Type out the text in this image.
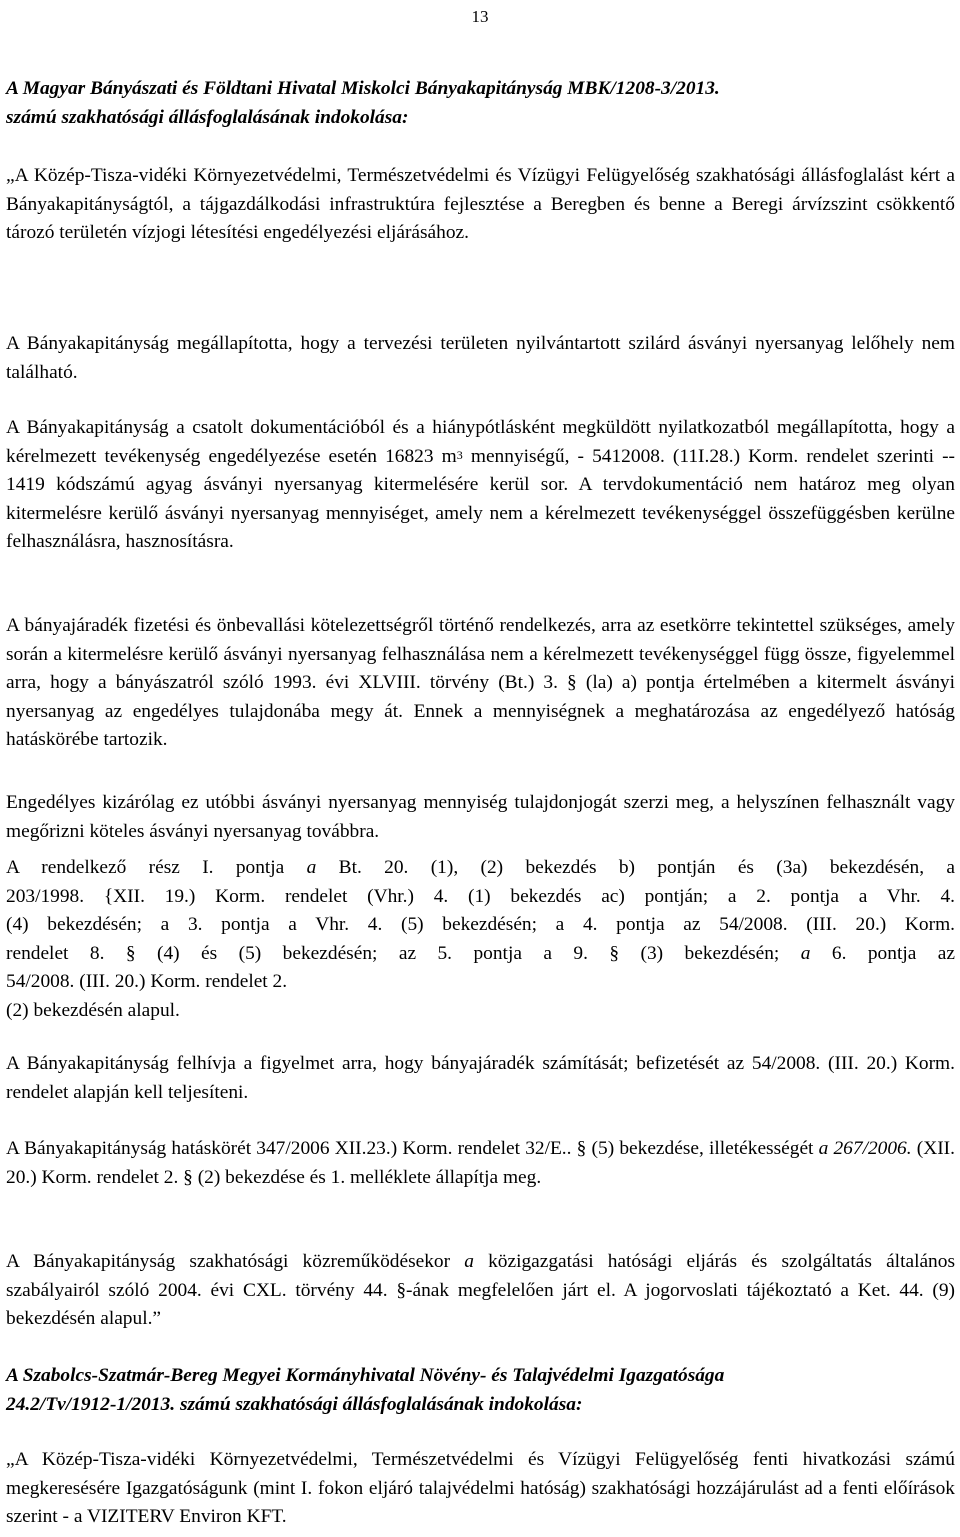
13
A Magyar Bányászati és Földtani Hivatal Miskolci Bányakapitányság MBK/1208-3/2013.
számú szakhatósági állásfoglalásának indokolása:

„A Közép-Tisza-vidéki Környezetvédelmi, Természetvédelmi és Vízügyi Felügyelőség szakhatósági állásfoglalást kért a Bányakapitányságtól, a tájgazdálkodási infrastruktúra fejlesztése a Beregben és benne a Beregi árvízszint csökkentő tározó területén vízjogi létesítési engedélyezési eljárásához.

A Bányakapitányság megállapította, hogy a tervezési területen nyilvántartott szilárd ásványi nyersanyag lelőhely nem található.

A Bányakapitányság a csatolt dokumentációból és a hiánypótlásként megküldött nyilatkozatból megállapította, hogy a kérelmezett tevékenység engedélyezése esetén 16823 $m^3$ mennyiségű, - 5412008. (11I.28.) Korm. rendelet szerinti -- 1419 kódszámú agyag ásványi nyersanyag kitermelésére kerül sor. A tervdokumentáció nem határoz meg olyan kitermelésre kerülő ásványi nyersanyag mennyiséget, amely nem a kérelmezett tevékenységgel összefüggésben kerülne felhasználásra, hasznosításra.

A bányajáradék fizetési és önbevallási kötelezettségről történő rendelkezés, arra az esetkörre tekintettel szükséges, amely során a kitermelésre kerülő ásványi nyersanyag felhasználása nem a kérelmezett tevékenységgel függ össze, figyelemmel arra, hogy a bányászatról szóló 1993. évi XLVIII. törvény (Bt.) 3. § (la) a) pontja értelmében a kitermelt ásványi nyersanyag az engedélyes tulajdonába megy át. Ennek a mennyiségnek a meghatározása az engedélyező hatóság hatáskörébe tartozik.

Engedélyes kizárólag ez utóbbi ásványi nyersanyag mennyiség tulajdonjogát szerzi meg, a helyszínen felhasznált vagy megőrizni köteles ásványi nyersanyag továbbra.

A rendelkező rész I. pontja a Bt. 20. (1), (2) bekezdés b) pontján és (3a) bekezdésén, a
203/1998. {XII. 19.) Korm. rendelet (Vhr.) 4. (1) bekezdés ac) pontján; a 2. pontja a Vhr. 4.
(4) bekezdésén; a 3. pontja a Vhr. 4. (5) bekezdésén; a 4. pontja az 54/2008. (III. 20.) Korm.
rendelet 8. § (4) és (5) bekezdésén; az 5. pontja a 9. § (3) bekezdésén; a 6. pontja az
54/2008. (III. 20.) Korm. rendelet 2.
(2) bekezdésén alapul.

A Bányakapitányság felhívja a figyelmet arra, hogy bányajáradék számítását; befizetését az 54/2008. (III. 20.) Korm. rendelet alapján kell teljesíteni.

A Bányakapitányság hatáskörét 347/2006 XII.23.) Korm. rendelet 32/E.. § (5) bekezdése, illetékességét a 267/2006. (XII. 20.) Korm. rendelet 2. § (2) bekezdése és 1. melléklete állapítja meg.

A Bányakapitányság szakhatósági közreműködésekor a közigazgatási hatósági eljárás és szolgáltatás általános szabályairól szóló 2004. évi CXL. törvény 44. §-ának megfelelően járt el. A jogorvoslati tájékoztató a Ket. 44. (9) bekezdésén alapul.”

A Szabolcs-Szatmár-Bereg Megyei Kormányhivatal Növény- és Talajvédelmi Igazgatósága
24.2/Tv/1912-1/2013. számú szakhatósági állásfoglalásának indokolása:

„A Közép-Tisza-vidéki Környezetvédelmi, Természetvédelmi és Vízügyi Felügyelőség fenti hivatkozási számú megkeresésére Igazgatóságunk (mint I. fokon eljáró talajvédelmi hatóság) szakhatósági hozzájárulást ad a fenti előírások szerint - a VIZITERV Environ KFT.
